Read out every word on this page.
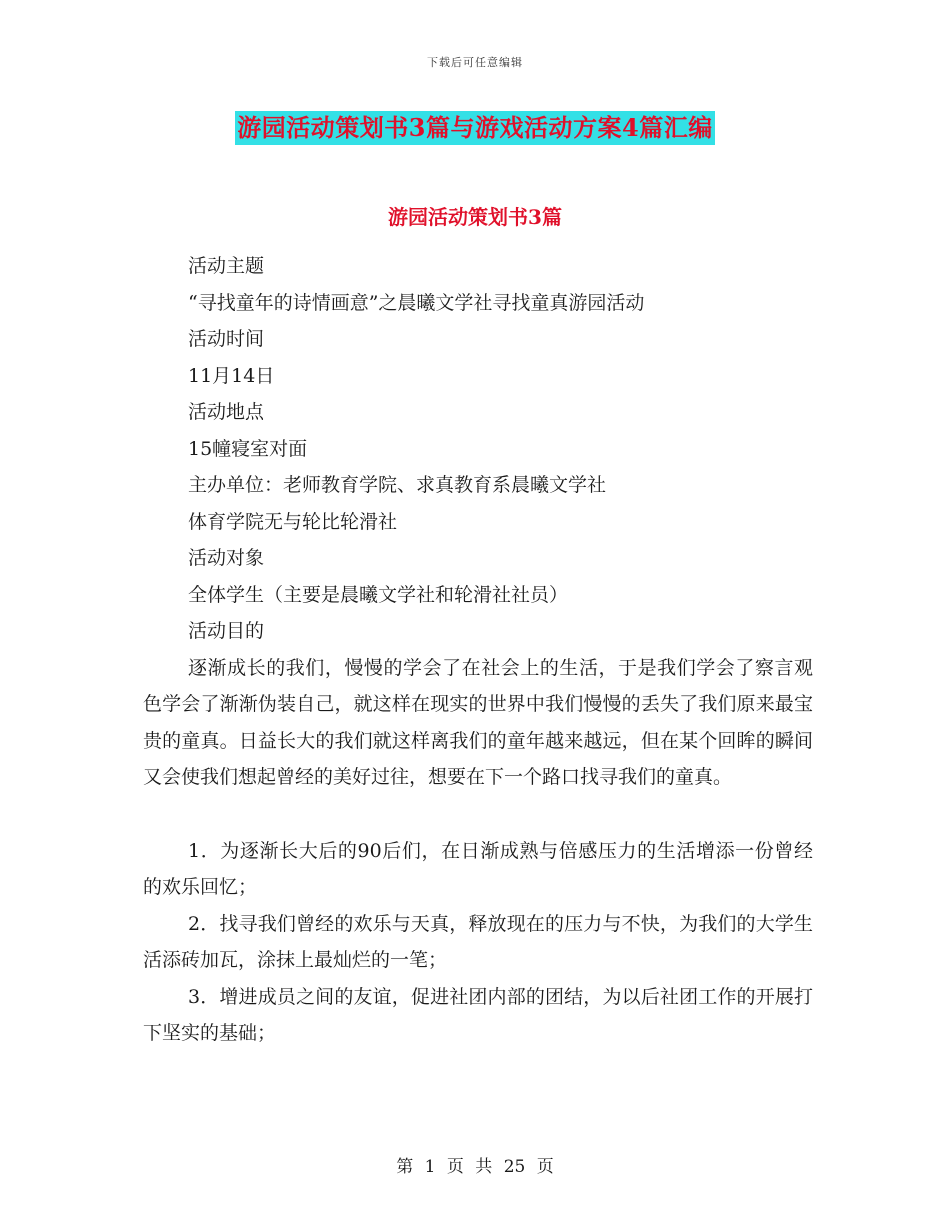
下载后可任意编辑
游园活动策划书3篇与游戏活动方案4篇汇编
游园活动策划书3篇
活动主题
“寻找童年的诗情画意”之晨曦文学社寻找童真游园活动
活动时间
11月14日
活动地点
15幢寝室对面
主办单位：老师教育学院、求真教育系晨曦文学社
体育学院无与轮比轮滑社
活动对象
全体学生（主要是晨曦文学社和轮滑社社员）
活动目的
逐渐成长的我们，慢慢的学会了在社会上的生活，于是我们学会了察言观色学会了渐渐伪装自己，就这样在现实的世界中我们慢慢的丢失了我们原来最宝贵的童真。日益长大的我们就这样离我们的童年越来越远，但在某个回眸的瞬间又会使我们想起曾经的美好过往，想要在下一个路口找寻我们的童真。
1．为逐渐长大后的90后们，在日渐成熟与倍感压力的生活增添一份曾经的欢乐回忆；
2．找寻我们曾经的欢乐与天真，释放现在的压力与不快，为我们的大学生活添砖加瓦，涂抹上最灿烂的一笔；
3．增进成员之间的友谊，促进社团内部的团结，为以后社团工作的开展打下坚实的基础；
第 1 页 共 25 页
